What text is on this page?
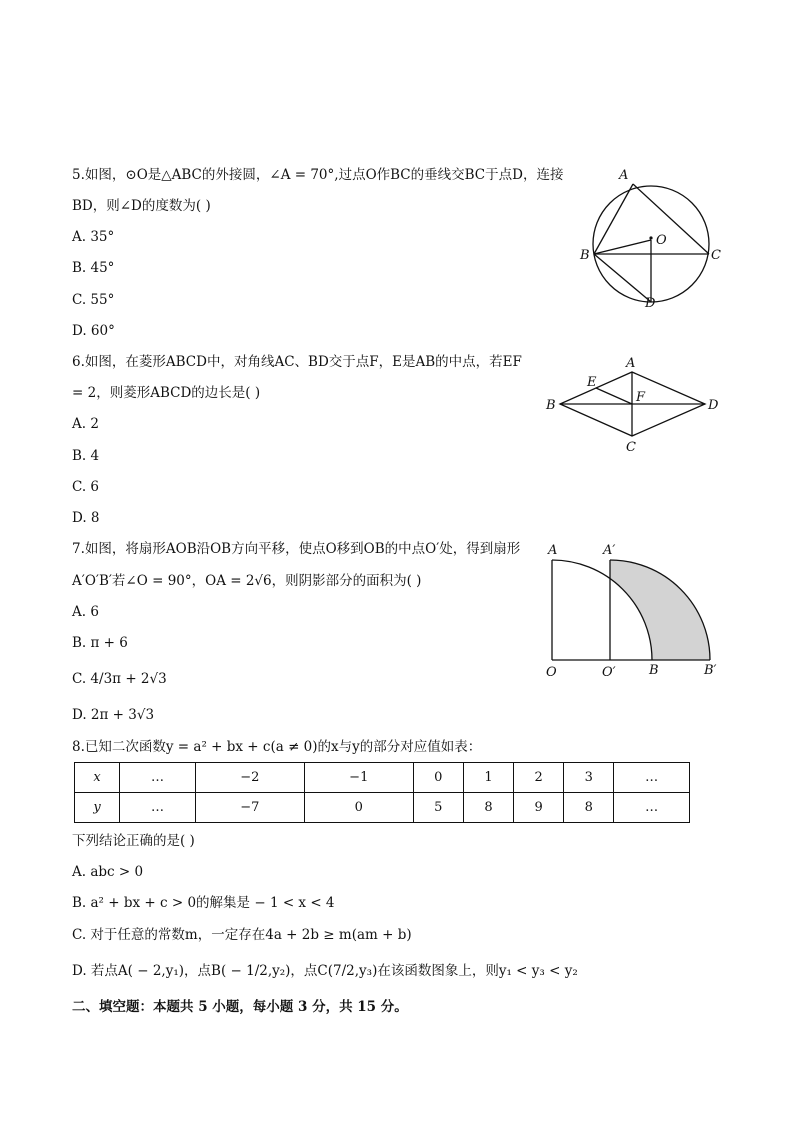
5.如图，⊙O是△ABC的外接圆，∠A = 70°,过点O作BC的垂线交BC于点D，连接
BD，则∠D的度数为( )
A. 35°
B. 45°
C. 55°
D. 60°
A
B	C
D
O
6.如图，在菱形ABCD中，对角线AC、BD交于点F，E是AB的中点，若EF
= 2，则菱形ABCD的边长是( )
A. 2
B. 4
C. 6
D. 8
A
B
C
D
E
F
7.如图，将扇形AOB沿OB方向平移，使点O移到OB的中点O′处，得到扇形
A′O′B′若∠O = 90°，OA = 2√6，则阴影部分的面积为( )
A. 6
B. π + 6
C. 4/3π + 2√3
D. 2π + 3√3
A	A′
O	O′	B	B′
8.已知二次函数y = a² + bx + c(a ≠ 0)的x与y的部分对应值如表：
x	…	−2	−1	0	1	2	3	…
y	…	−7	0	5	8	9	8	…
下列结论正确的是( )
A. abc > 0
B. a² + bx + c > 0的解集是 − 1 < x < 4
C. 对于任意的常数m，一定存在4a + 2b ≥ m(am + b)
D. 若点A( − 2,y₁)，点B( − 1/2,y₂)，点C(7/2,y₃)在该函数图象上，则y₁ < y₃ < y₂
二、填空题：本题共 5 小题，每小题 3 分，共 15 分。
